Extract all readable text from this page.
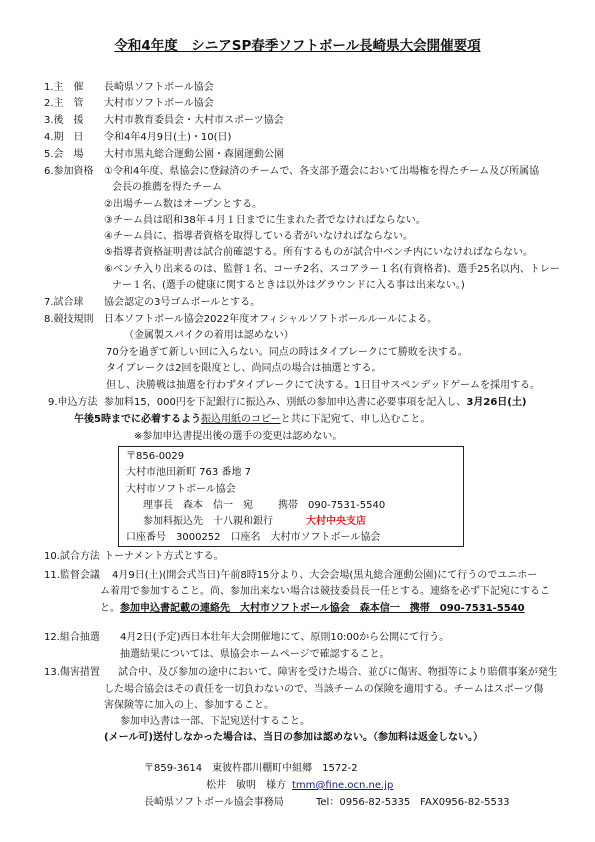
令和4年度　シニアSP春季ソフトボール長崎県大会開催要項
1.主　催 長崎県ソフトボール協会
2.主　管 大村市ソフトボール協会
3.後　援 大村市教育委員会・大村市スポーツ協会
4.期　日 令和4年4月9日(土)・10(日)
5.会　場 大村市黒丸総合運動公園・森園運動公園
6.参加資格 ①令和4年度、県協会に登録済のチームで、各支部予選会において出場権を得たチーム及び所属協
会長の推薦を得たチーム
②出場チーム数はオープンとする。
③チーム員は昭和38年４月１日までに生まれた者でなければならない。
④チーム員に、指導者資格を取得している者がいなければならない。
⑤指導者資格証明書は試合前確認する。所有するものが試合中ベンチ内にいなければならない。
⑥ベンチ入り出来るのは、監督１名、コーチ2名、スコアラー１名(有資格者)、選手25名以内、トレー
ナー１名、(選手の健康に関するときは以外はグラウンドに入る事は出来ない。)
7.試合球 協会認定の3号ゴムボールとする。
8.競技規則 日本ソフトボール協会2022年度オフィシャルソフトボールルールによる。
（金属製スパイクの着用は認めない）
70分を過ぎて新しい回に入らない。同点の時はタイブレークにて勝敗を決する。
タイブレークは2回を限度とし、尚同点の場合は抽選とする。
但し、決勝戦は抽選を行わずタイブレークにて決する。1日目サスペンデッドゲームを採用する。
9.申込方法 参加料15，000円を下記銀行に振込み、別紙の参加申込書に必要事項を記入し、3月26日(土)
午後5時までに必着するよう振込用紙のコピーと共に下記宛て、申し込むこと。
※参加申込書提出後の選手の変更は認めない。
〒856-0029
大村市池田新町 763 番地 7
大村市ソフトボール協会
理事長　森本　信一　宛	携帯　090-7531-5540
参加料振込先　十八親和銀行	大村中央支店
口座番号　3000252　口座名　大村市ソフトボール協会
10.試合方法 トーナメント方式とする。
11.監督会議 4月9日(土)(開会式当日)午前8時15分より、大会会場(黒丸総合運動公園)にて行うのでユニホー
ム着用で参加すること。尚、参加出来ない場合は競技委員長一任とする。連絡を必ず下記宛にするこ
と。参加申込書記載の連絡先　大村市ソフトボール協会　森本信一　携帯　090-7531-5540
12.組合抽選 4月2日(予定)西日本壮年大会開催地にて、原則10:00から公開にて行う。
抽選結果については、県協会ホームページで確認すること。
13.傷害措置 試合中、及び参加の途中において、障害を受けた場合、並びに傷害、物損等により賠償事案が発生
した場合協会はその責任を一切負わないので、当該チームの保険を適用する。チームはスポーツ傷
害保険等に加入の上、参加すること。
参加申込書は一部、下記宛送付すること。
(メール可)送付しなかった場合は、当日の参加は認めない。（参加料は返金しない。）
〒859-3614　東彼杵郡川棚町中組郷　1572-2
松井　敏明　様方 tmm@fine.ocn.ne.jp
長崎県ソフトボール協会事務局	Tel：0956-82-5335　FAX0956-82-5533
